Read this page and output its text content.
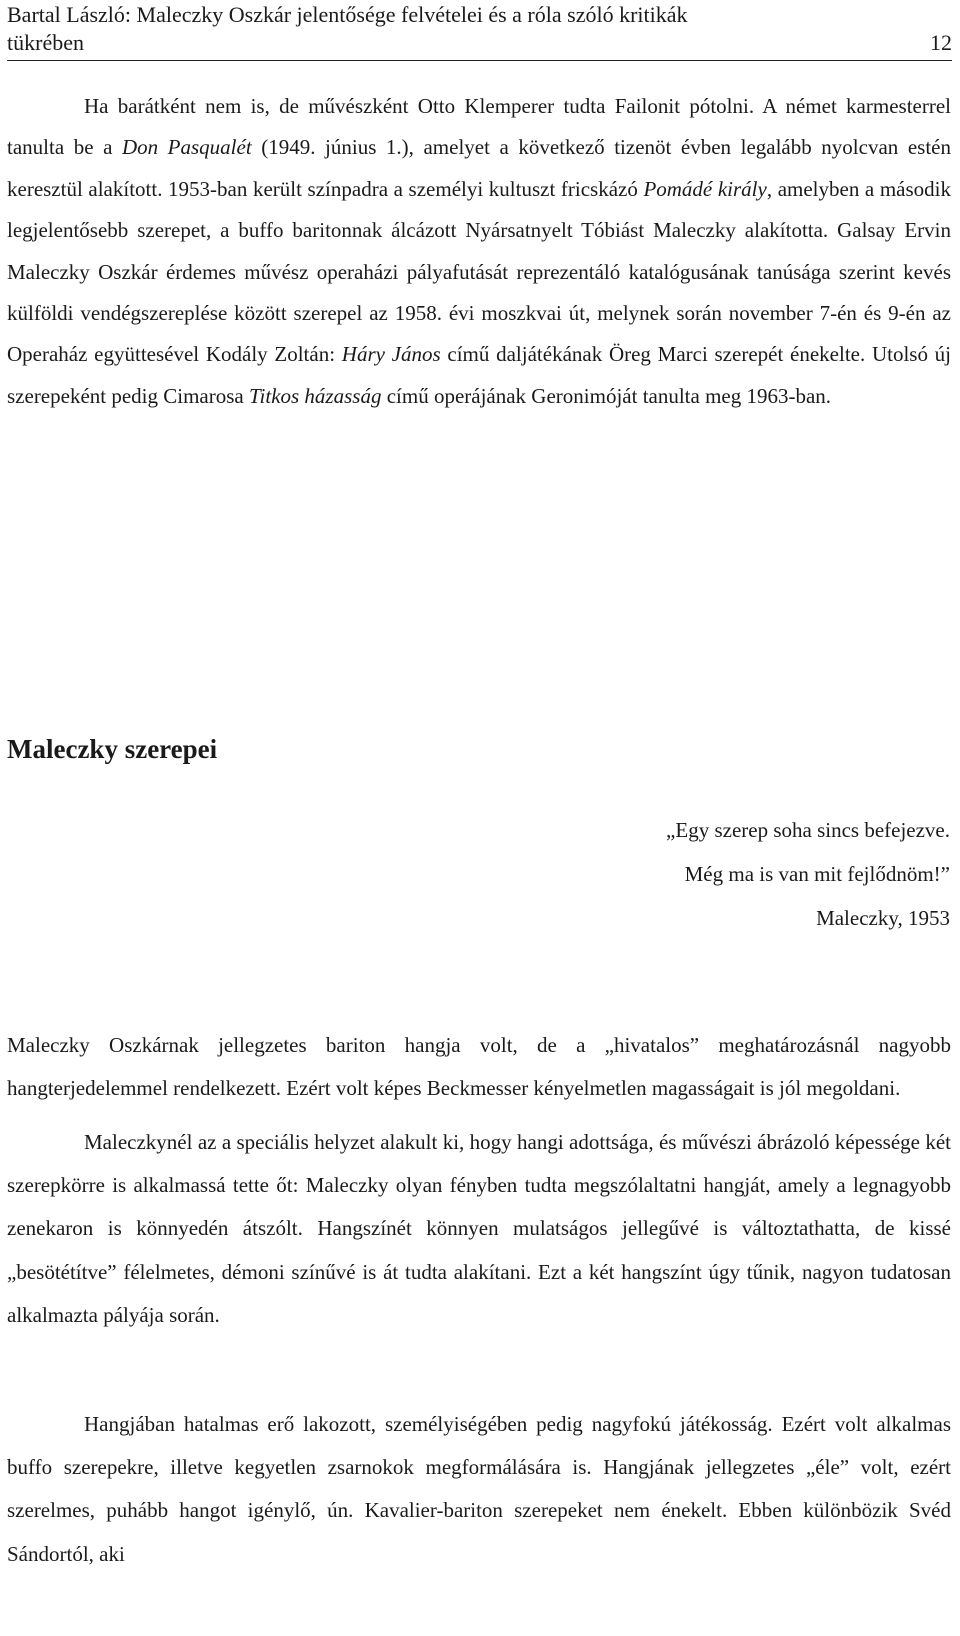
Bartal László: Maleczky Oszkár jelentősége felvételei és a róla szóló kritikák
tükrében	12
Ha barátként nem is, de művészként Otto Klemperer tudta Failonit pótolni. A német karmesterrel tanulta be a Don Pasqualét (1949. június 1.), amelyet a következő tizenöt évben legalább nyolcvan estén keresztül alakított. 1953-ban került színpadra a személyi kultuszt fricskázó Pomádé király, amelyben a második legjelentősebb szerepet, a buffo baritonnak álcázott Nyársatnyelt Tóbiást Maleczky alakította. Galsay Ervin Maleczky Oszkár érdemes művész operaházi pályafutását reprezentáló katalógusának tanúsága szerint kevés külföldi vendégszereplése között szerepel az 1958. évi moszkvai út, melynek során november 7-én és 9-én az Operaház együttesével Kodály Zoltán: Háry János című daljátékának Öreg Marci szerepét énekelte. Utolsó új szerepeként pedig Cimarosa Titkos házasság című operájának Geronimóját tanulta meg 1963-ban.
Maleczky szerepei
„Egy szerep soha sincs befejezve.
Még ma is van mit fejlődnöm!”
Maleczky, 1953
Maleczky Oszkárnak jellegzetes bariton hangja volt, de a „hivatalos” meghatározásnál nagyobb hangterjedelemmel rendelkezett. Ezért volt képes Beckmesser kényelmetlen magasságait is jól megoldani.
Maleczkynél az a speciális helyzet alakult ki, hogy hangi adottsága, és művészi ábrázoló képessége két szerepkörre is alkalmassá tette őt: Maleczky olyan fényben tudta megszólaltatni hangját, amely a legnagyobb zenekaron is könnyedén átszólt. Hangszínét könnyen mulatságos jellegűvé is változtathatta, de kissé „besötétítve” félelmetes, démoni színűvé is át tudta alakítani. Ezt a két hangszínt úgy tűnik, nagyon tudatosan alkalmazta pályája során.
Hangjában hatalmas erő lakozott, személyiségében pedig nagyfokú játékosság. Ezért volt alkalmas buffo szerepekre, illetve kegyetlen zsarnokok megformálására is. Hangjának jellegzetes „éle” volt, ezért szerelmes, puhább hangot igénylő, ún. Kavalier-bariton szerepeket nem énekelt. Ebben különbözik Svéd Sándortól, aki
